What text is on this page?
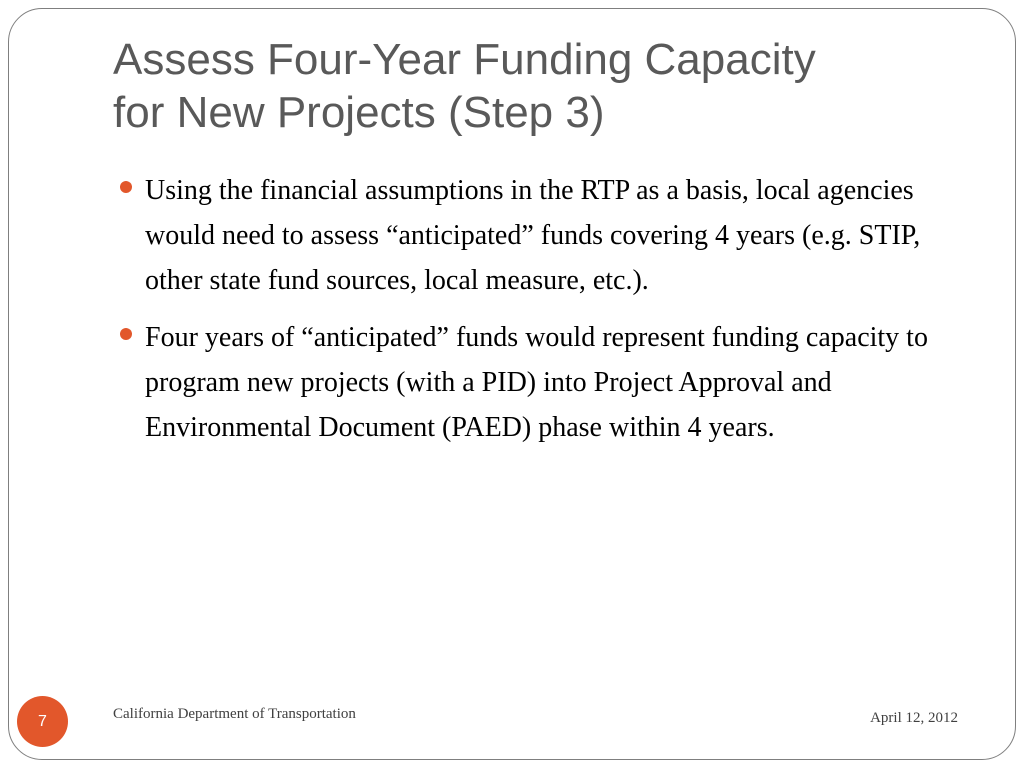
Assess Four-Year Funding Capacity
for New Projects (Step 3)
Using the financial assumptions in the RTP as a basis, local agencies would need to assess “anticipated” funds covering 4 years (e.g. STIP, other state fund sources, local measure, etc.).
Four years of “anticipated” funds would represent funding capacity to program new projects (with a PID) into Project Approval and Environmental Document (PAED) phase within 4 years.
7	California Department of Transportation	April 12, 2012
